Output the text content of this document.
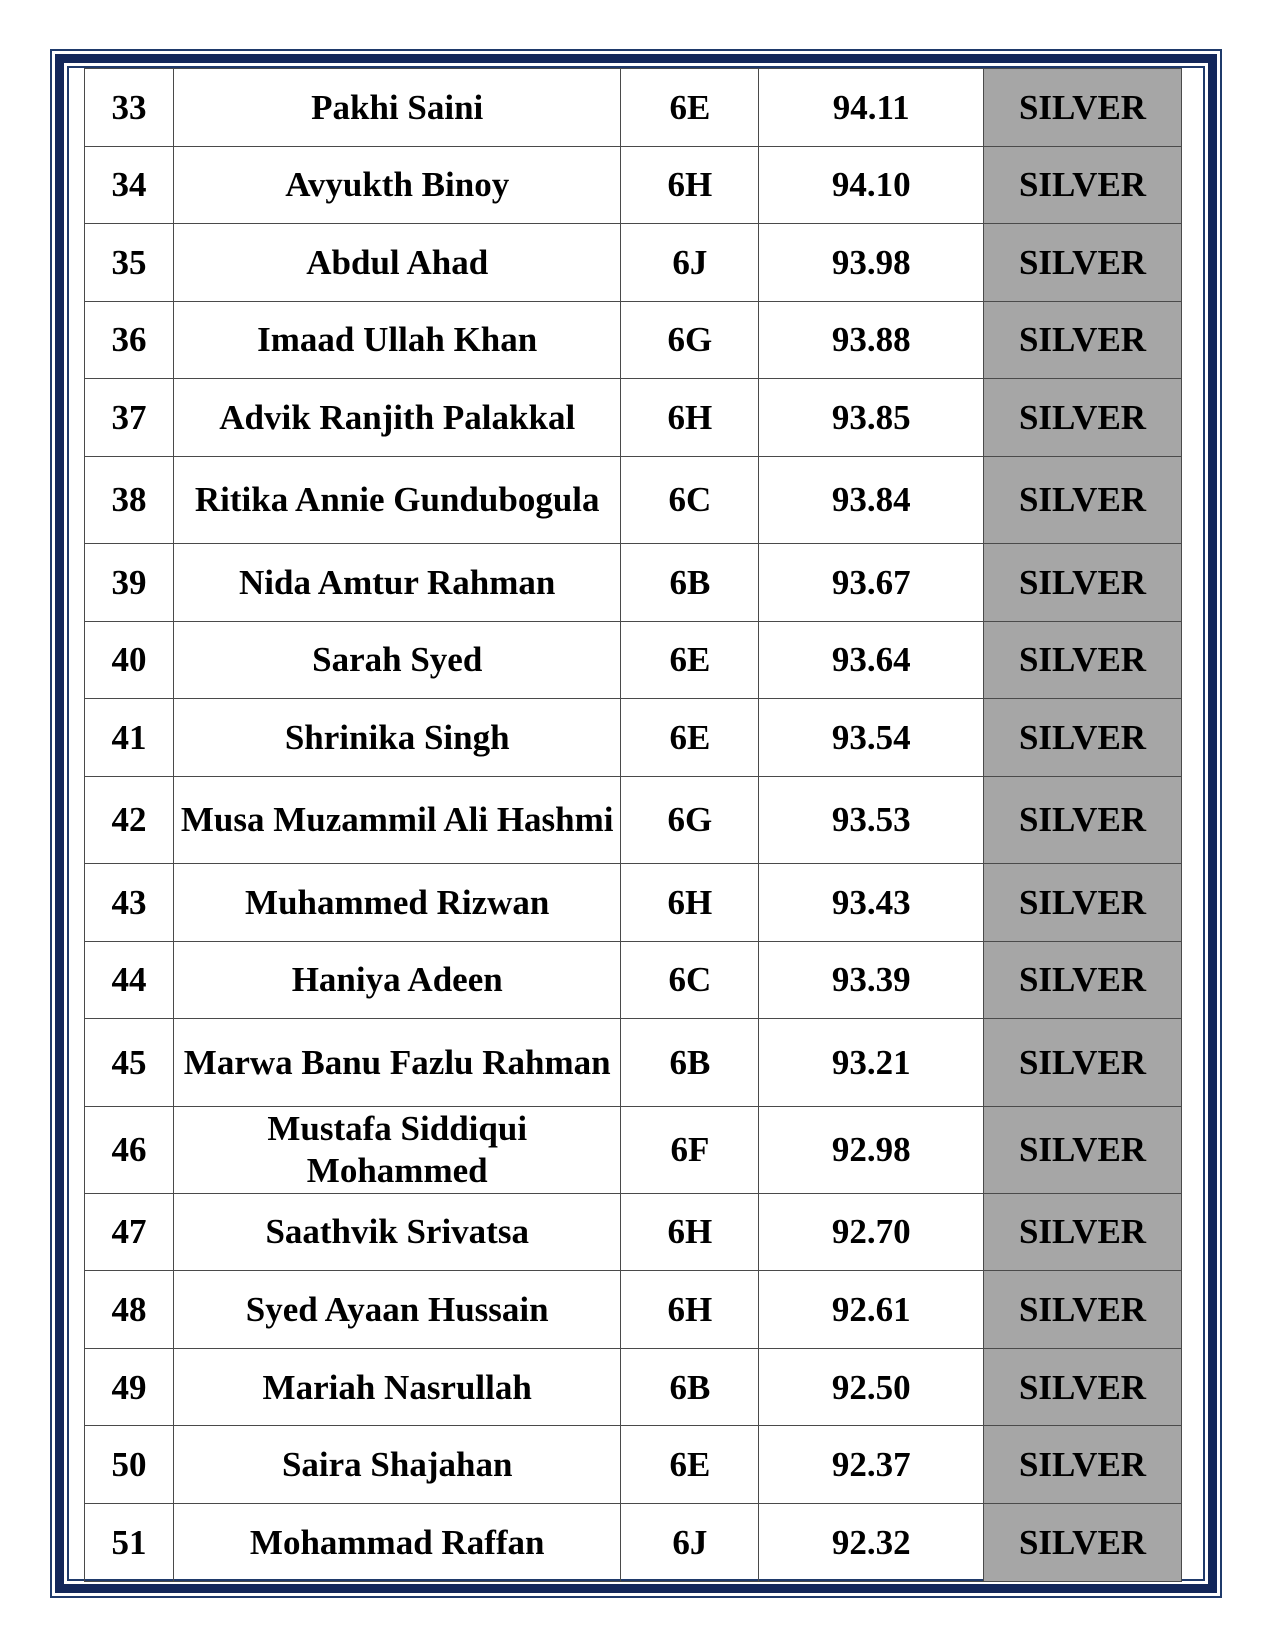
33	Pakhi Saini	6E	94.11	SILVER
34	Avyukth Binoy	6H	94.10	SILVER
35	Abdul Ahad	6J	93.98	SILVER
36	Imaad Ullah Khan	6G	93.88	SILVER
37	Advik Ranjith Palakkal	6H	93.85	SILVER
38	Ritika Annie Gundubogula	6C	93.84	SILVER
39	Nida Amtur Rahman	6B	93.67	SILVER
40	Sarah Syed	6E	93.64	SILVER
41	Shrinika Singh	6E	93.54	SILVER
42	Musa Muzammil Ali Hashmi	6G	93.53	SILVER
43	Muhammed Rizwan	6H	93.43	SILVER
44	Haniya Adeen	6C	93.39	SILVER
45	Marwa Banu Fazlu Rahman	6B	93.21	SILVER
46	Mustafa Siddiqui Mohammed	6F	92.98	SILVER
47	Saathvik Srivatsa	6H	92.70	SILVER
48	Syed Ayaan Hussain	6H	92.61	SILVER
49	Mariah Nasrullah	6B	92.50	SILVER
50	Saira Shajahan	6E	92.37	SILVER
51	Mohammad Raffan	6J	92.32	SILVER
